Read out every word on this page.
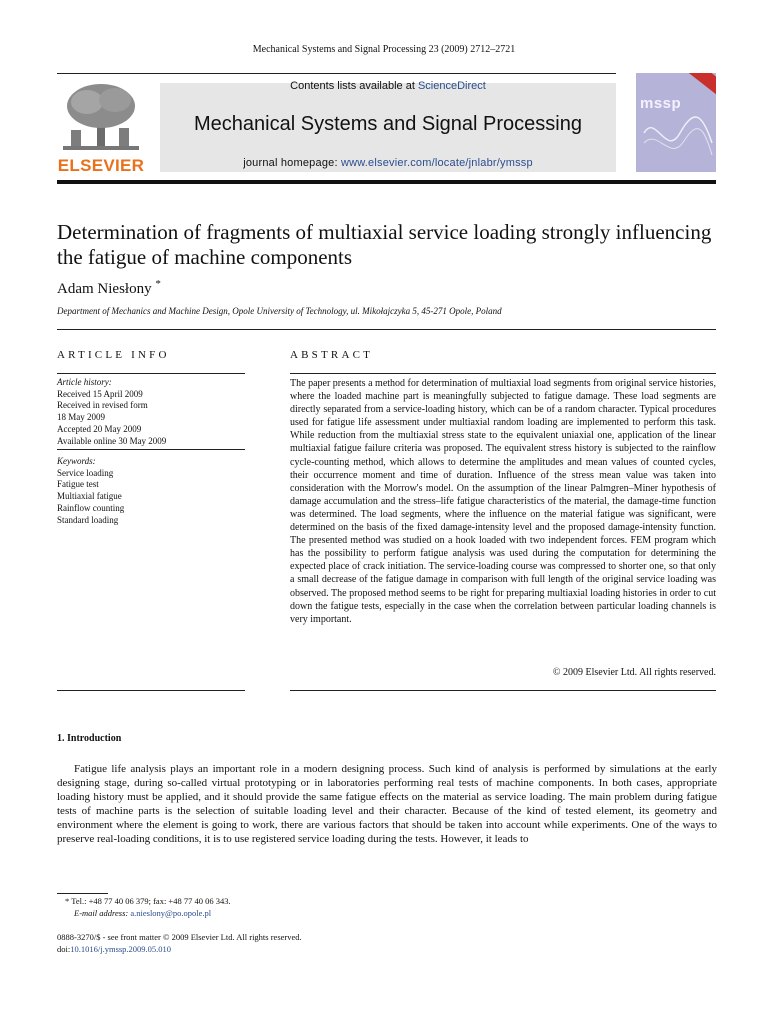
Mechanical Systems and Signal Processing 23 (2009) 2712–2721
ELSEVIER
Contents lists available at ScienceDirect
Mechanical Systems and Signal Processing
journal homepage: www.elsevier.com/locate/jnlabr/ymssp
mssp
Determination of fragments of multiaxial service loading strongly influencing the fatigue of machine components
Adam Niesłony *
Department of Mechanics and Machine Design, Opole University of Technology, ul. Mikołajczyka 5, 45-271 Opole, Poland
ARTICLE INFO	ABSTRACT
Article history:
Received 15 April 2009
Received in revised form
18 May 2009
Accepted 20 May 2009
Available online 30 May 2009
Keywords:
Service loading
Fatigue test
Multiaxial fatigue
Rainflow counting
Standard loading
The paper presents a method for determination of multiaxial load segments from original service histories, where the loaded machine part is meaningfully subjected to fatigue damage. These load segments are directly separated from a service-loading history, which can be of a random character. Typical procedures used for fatigue life assessment under multiaxial random loading are implemented to perform this task. While reduction from the multiaxial stress state to the equivalent uniaxial one, application of the linear multiaxial fatigue failure criteria was proposed. The equivalent stress history is subjected to the rainflow cycle-counting method, which allows to determine the amplitudes and mean values of counted cycles, their occurrence moment and time of duration. Influence of the stress mean value was taken into consideration with the Morrow's model. On the assumption of the linear Palmgren–Miner hypothesis of damage accumulation and the stress–life fatigue characteristics of the material, the damage-time function was determined. The load segments, where the influence on the material fatigue was significant, were determined on the basis of the fixed damage-intensity level and the proposed damage-intensity function. The presented method was studied on a hook loaded with two independent forces. FEM program which has the possibility to perform fatigue analysis was used during the computation for determining the expected place of crack initiation. The service-loading course was compressed to shorter one, so that only a small decrease of the fatigue damage in comparison with full length of the original service loading was observed. The proposed method seems to be right for preparing multiaxial loading histories in order to cut down the fatigue tests, especially in the case when the correlation between particular loading channels is very important.
© 2009 Elsevier Ltd. All rights reserved.
1. Introduction
Fatigue life analysis plays an important role in a modern designing process. Such kind of analysis is performed by simulations at the early designing stage, during so-called virtual prototyping or in laboratories performing real tests of machine components. In both cases, appropriate loading history must be applied, and it should provide the same fatigue effects on the material as service loading. The main problem during fatigue tests of machine parts is the selection of suitable loading level and their character. Because of the kind of tested element, its geometry and environment where the element is going to work, there are various factors that should be taken into account while experiments. One of the ways to preserve real-loading conditions, it is to use registered service loading during the tests. However, it leads to
* Tel.: +48 77 40 06 379; fax: +48 77 40 06 343.
E-mail address: a.nieslony@po.opole.pl
0888-3270/$ - see front matter © 2009 Elsevier Ltd. All rights reserved.
doi:10.1016/j.ymssp.2009.05.010
